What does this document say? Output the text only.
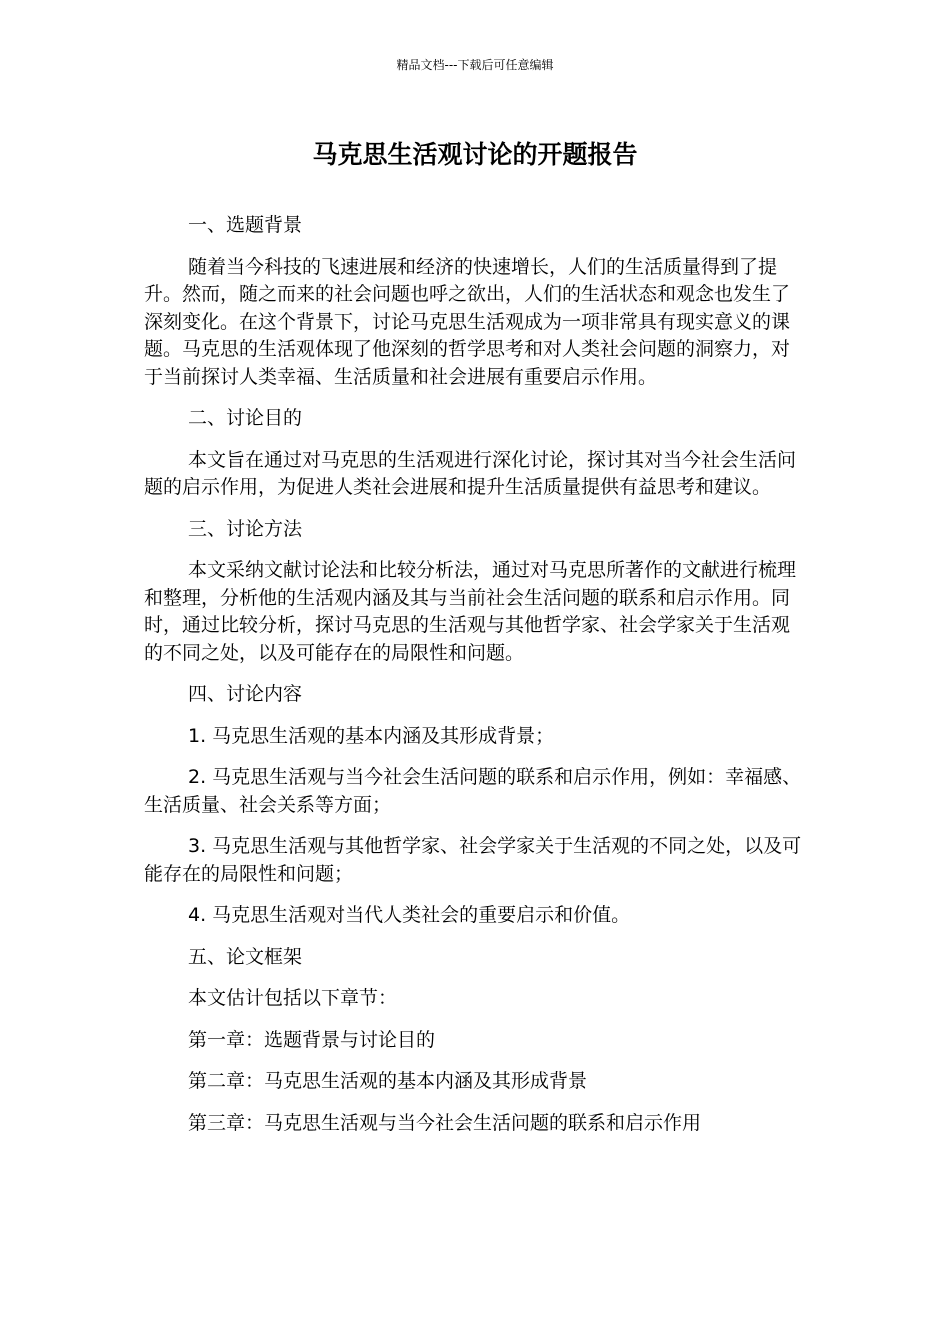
精品文档---下载后可任意编辑
马克思生活观讨论的开题报告

一、选题背景

随着当今科技的飞速进展和经济的快速增长，人们的生活质量得到了提升。然而，随之而来的社会问题也呼之欲出，人们的生活状态和观念也发生了深刻变化。在这个背景下，讨论马克思生活观成为一项非常具有现实意义的课题。马克思的生活观体现了他深刻的哲学思考和对人类社会问题的洞察力，对于当前探讨人类幸福、生活质量和社会进展有重要启示作用。

二、讨论目的

本文旨在通过对马克思的生活观进行深化讨论，探讨其对当今社会生活问题的启示作用，为促进人类社会进展和提升生活质量提供有益思考和建议。

三、讨论方法

本文采纳文献讨论法和比较分析法，通过对马克思所著作的文献进行梳理和整理，分析他的生活观内涵及其与当前社会生活问题的联系和启示作用。同时，通过比较分析，探讨马克思的生活观与其他哲学家、社会学家关于生活观的不同之处，以及可能存在的局限性和问题。

四、讨论内容

1. 马克思生活观的基本内涵及其形成背景；

2. 马克思生活观与当今社会生活问题的联系和启示作用，例如：幸福感、生活质量、社会关系等方面；

3. 马克思生活观与其他哲学家、社会学家关于生活观的不同之处，以及可能存在的局限性和问题；

4. 马克思生活观对当代人类社会的重要启示和价值。

五、论文框架

本文估计包括以下章节：

第一章：选题背景与讨论目的

第二章：马克思生活观的基本内涵及其形成背景

第三章：马克思生活观与当今社会生活问题的联系和启示作用
